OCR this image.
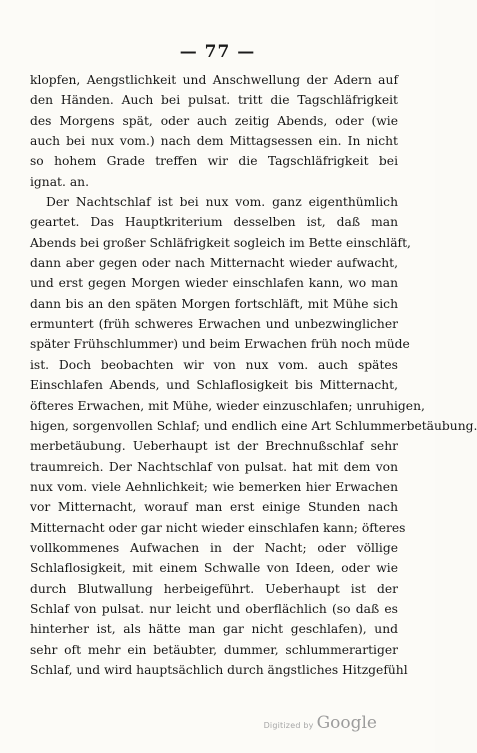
— 77 —
klopfen, Aengstlichkeit und Anschwellung der Adern auf
den Händen. Auch bei pulsat. tritt die Tagschläfrigkeit
des Morgens spät, oder auch zeitig Abends, oder (wie
auch bei nux vom.) nach dem Mittagsessen ein. In nicht
so hohem Grade treffen wir die Tagschläfrigkeit bei
ignat. an.
Der Nachtschlaf ist bei nux vom. ganz eigenthümlich
geartet. Das Hauptkriterium desselben ist, daß man
Abends bei großer Schläfrigkeit sogleich im Bette einschläft,
dann aber gegen oder nach Mitternacht wieder aufwacht,
und erst gegen Morgen wieder einschlafen kann, wo man
dann bis an den späten Morgen fortschläft, mit Mühe sich
ermuntert (früh schweres Erwachen und unbezwinglicher
später Frühschlummer) und beim Erwachen früh noch müde
ist. Doch beobachten wir von nux vom. auch spätes
Einschlafen Abends, und Schlaflosigkeit bis Mitternacht,
öfteres Erwachen, mit Mühe, wieder einzuschlafen; unruhigen,
higen, sorgenvollen Schlaf; und endlich eine Art Schlummerbetäubung.
merbetäubung. Ueberhaupt ist der Brechnußschlaf sehr
traumreich. Der Nachtschlaf von pulsat. hat mit dem von
nux vom. viele Aehnlichkeit; wie bemerken hier Erwachen
vor Mitternacht, worauf man erst einige Stunden nach
Mitternacht oder gar nicht wieder einschlafen kann; öfteres
vollkommenes Aufwachen in der Nacht; oder völlige
Schlaflosigkeit, mit einem Schwalle von Ideen, oder wie
durch Blutwallung herbeigeführt. Ueberhaupt ist der
Schlaf von pulsat. nur leicht und oberflächlich (so daß es
hinterher ist, als hätte man gar nicht geschlafen), und
sehr oft mehr ein betäubter, dummer, schlummerartiger
Schlaf, und wird hauptsächlich durch ängstliches Hitzgefühl
Digitized by Google
